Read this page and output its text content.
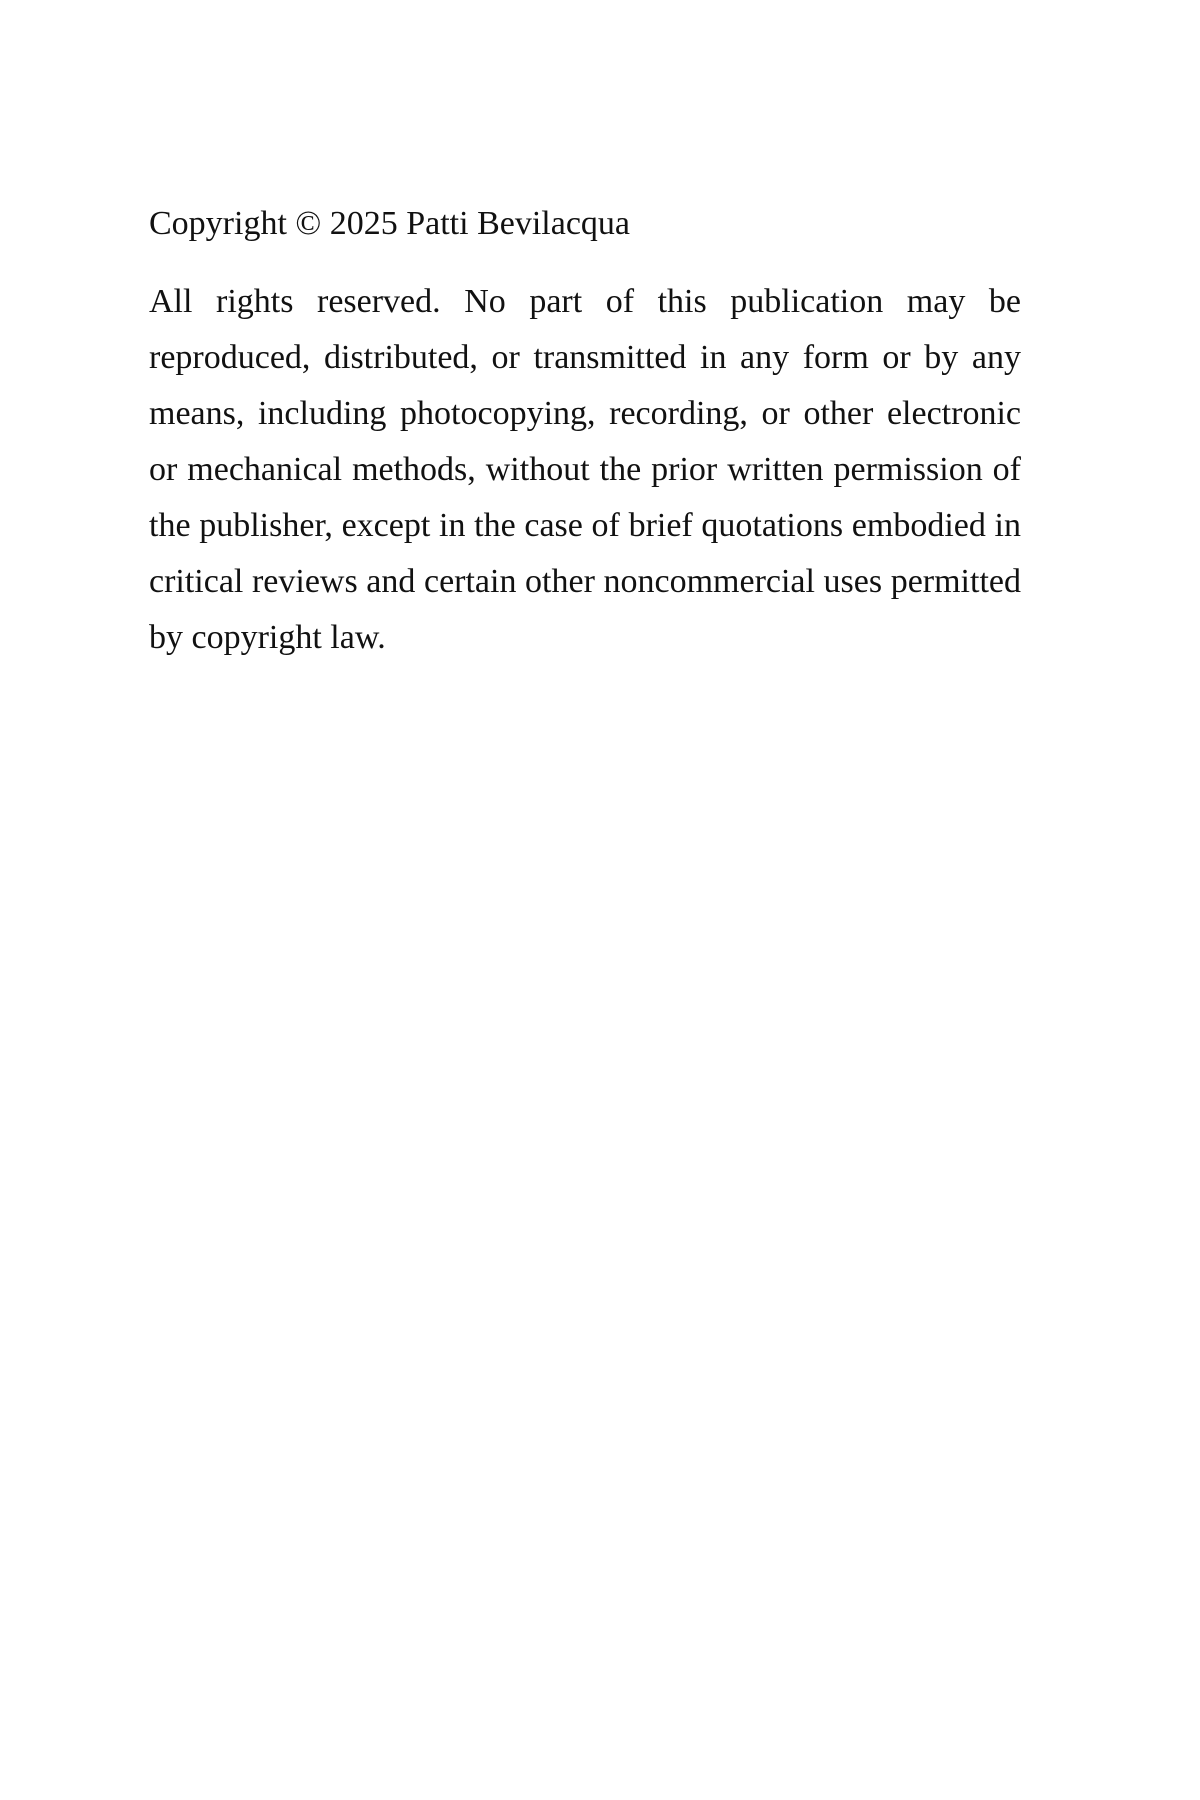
Copyright © 2025 Patti Bevilacqua

All rights reserved. No part of this publication may be reproduced, distributed, or transmitted in any form or by any means, including photocopying, recording, or other electronic or mechanical methods, without the prior written permission of the publisher, except in the case of brief quotations embodied in critical reviews and certain other noncommercial uses permitted by copyright law.
